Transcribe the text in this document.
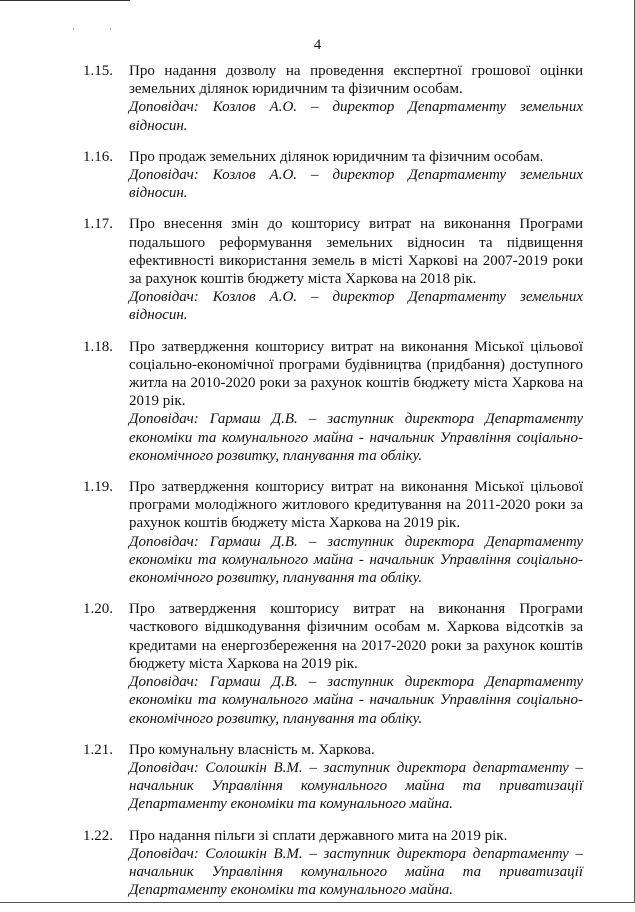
··
4
1.15. Про надання дозволу на проведення експертної грошової оцінки земельних ділянок юридичним та фізичним особам.
Доповідач: Козлов А.О. – директор Департаменту земельних відносин.
1.16. Про продаж земельних ділянок юридичним та фізичним особам.
Доповідач: Козлов А.О. – директор Департаменту земельних відносин.
1.17. Про внесення змін до кошторису витрат на виконання Програми подальшого реформування земельних відносин та підвищення ефективності використання земель в місті Харкові на 2007-2019 роки за рахунок коштів бюджету міста Харкова на 2018 рік.
Доповідач: Козлов А.О. – директор Департаменту земельних відносин.
1.18. Про затвердження кошторису витрат на виконання Міської цільової соціально-економічної програми будівництва (придбання) доступного житла на 2010-2020 роки за рахунок коштів бюджету міста Харкова на 2019 рік.
Доповідач: Гармаш Д.В. – заступник директора Департаменту економіки та комунального майна - начальник Управління соціально-економічного розвитку, планування та обліку.
1.19. Про затвердження кошторису витрат на виконання Міської цільової програми молодіжного житлового кредитування на 2011-2020 роки за рахунок коштів бюджету міста Харкова на 2019 рік.
Доповідач: Гармаш Д.В. – заступник директора Департаменту економіки та комунального майна - начальник Управління соціально-економічного розвитку, планування та обліку.
1.20. Про затвердження кошторису витрат на виконання Програми часткового відшкодування фізичним особам м. Харкова відсотків за кредитами на енергозбереження на 2017-2020 роки за рахунок коштів бюджету міста Харкова на 2019 рік.
Доповідач: Гармаш Д.В. – заступник директора Департаменту економіки та комунального майна - начальник Управління соціально-економічного розвитку, планування та обліку.
1.21. Про комунальну власність м. Харкова.
Доповідач: Солошкін В.М. – заступник директора департаменту – начальник Управління комунального майна та приватизації Департаменту економіки та комунального майна.
1.22. Про надання пільги зі сплати державного мита на 2019 рік.
Доповідач: Солошкін В.М. – заступник директора департаменту – начальник Управління комунального майна та приватизації Департаменту економіки та комунального майна.
